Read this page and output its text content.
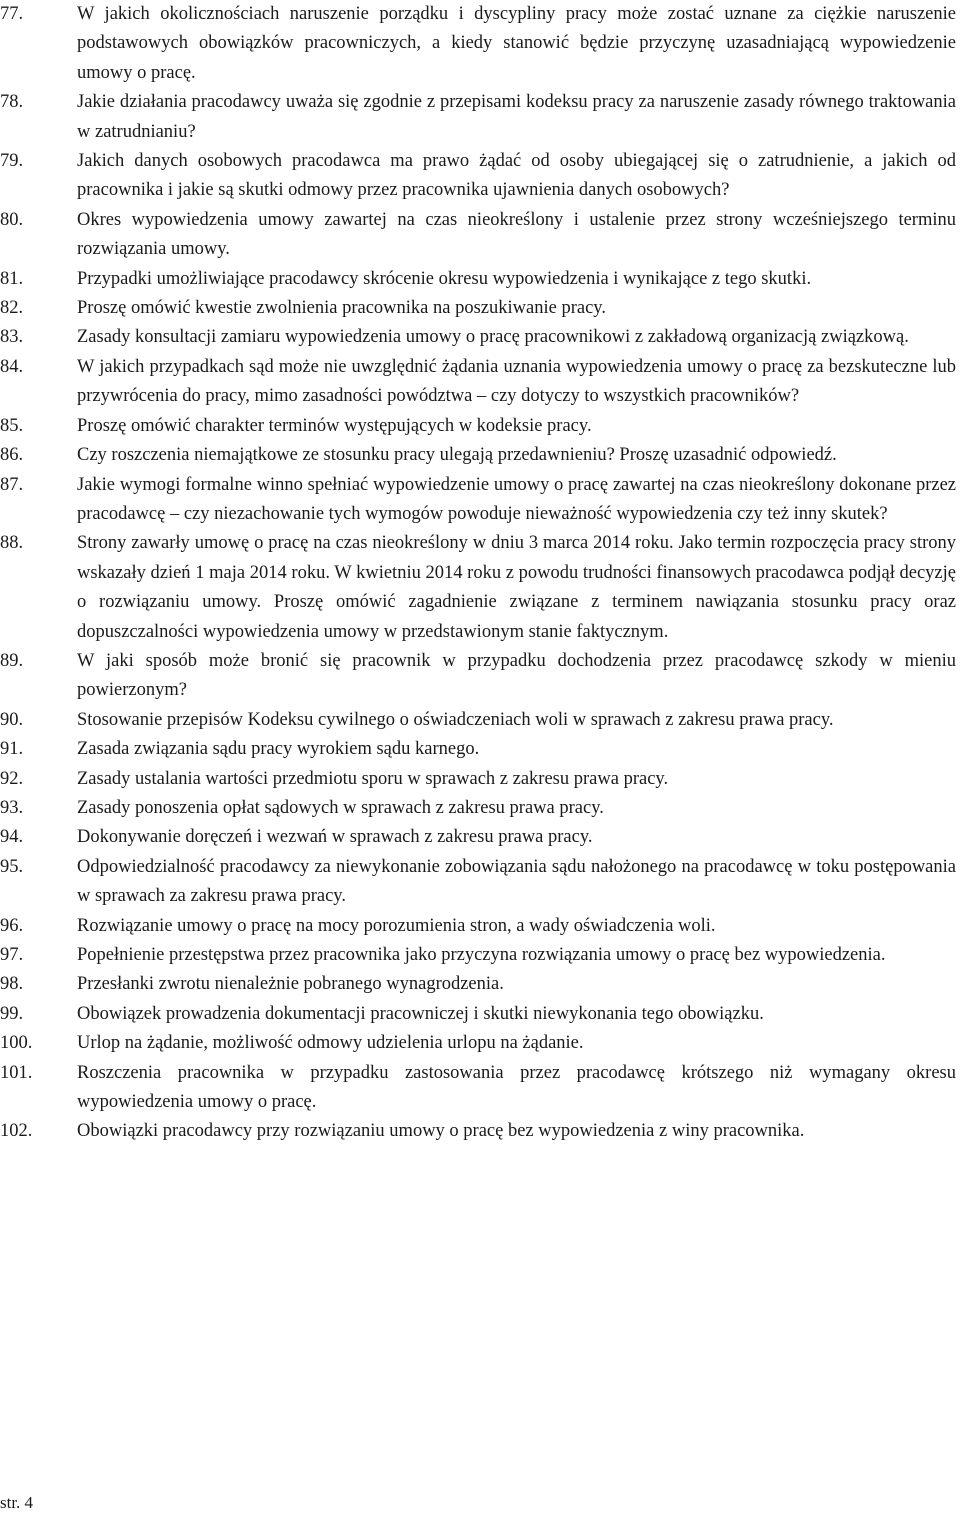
77.	W jakich okolicznościach naruszenie porządku i dyscypliny pracy może zostać uznane za ciężkie naruszenie podstawowych obowiązków pracowniczych, a kiedy stanowić będzie przyczynę uzasadniającą wypowiedzenie umowy o pracę.
78.	Jakie działania pracodawcy uważa się zgodnie z przepisami kodeksu pracy za naruszenie zasady równego traktowania w zatrudnianiu?
79.	Jakich danych osobowych pracodawca ma prawo żądać od osoby ubiegającej się o zatrudnienie, a jakich od pracownika i jakie są skutki odmowy przez pracownika ujawnienia danych osobowych?
80.	Okres wypowiedzenia umowy zawartej na czas nieokreślony i ustalenie przez strony wcześniejszego terminu rozwiązania umowy.
81.	Przypadki umożliwiające pracodawcy skrócenie okresu wypowiedzenia i wynikające z tego skutki.
82.	Proszę omówić kwestie zwolnienia pracownika na poszukiwanie pracy.
83.	Zasady konsultacji zamiaru wypowiedzenia umowy o pracę pracownikowi z zakładową organizacją związkową.
84.	W jakich przypadkach sąd może nie uwzględnić żądania uznania wypowiedzenia umowy o pracę za bezskuteczne lub przywrócenia do pracy, mimo zasadności powództwa – czy dotyczy to wszystkich pracowników?
85.	Proszę omówić charakter terminów występujących w kodeksie pracy.
86.	Czy roszczenia niemajątkowe ze stosunku pracy ulegają przedawnieniu? Proszę uzasadnić odpowiedź.
87.	Jakie wymogi formalne winno spełniać wypowiedzenie umowy o pracę zawartej na czas nieokreślony dokonane przez pracodawcę – czy niezachowanie tych wymogów powoduje nieważność wypowiedzenia czy też inny skutek?
88.	Strony zawarły umowę o pracę na czas nieokreślony w dniu 3 marca 2014 roku. Jako termin rozpoczęcia pracy strony wskazały dzień 1 maja 2014 roku. W kwietniu 2014 roku z powodu trudności finansowych pracodawca podjął decyzję o rozwiązaniu umowy. Proszę omówić zagadnienie związane z terminem nawiązania stosunku pracy oraz dopuszczalności wypowiedzenia umowy w przedstawionym stanie faktycznym.
89.	W jaki sposób może bronić się pracownik w przypadku dochodzenia przez pracodawcę szkody w mieniu powierzonym?
90.	Stosowanie przepisów Kodeksu cywilnego o oświadczeniach woli w sprawach z zakresu prawa pracy.
91.	Zasada związania sądu pracy wyrokiem sądu karnego.
92.	Zasady ustalania wartości przedmiotu sporu w sprawach z zakresu prawa pracy.
93.	Zasady ponoszenia opłat sądowych w sprawach z zakresu prawa pracy.
94.	Dokonywanie doręczeń i wezwań w sprawach z zakresu prawa pracy.
95.	Odpowiedzialność pracodawcy za niewykonanie zobowiązania sądu nałożonego na pracodawcę w toku postępowania w sprawach za zakresu prawa pracy.
96.	Rozwiązanie umowy o pracę na mocy porozumienia stron, a wady oświadczenia woli.
97.	Popełnienie przestępstwa przez pracownika jako przyczyna rozwiązania umowy o pracę bez wypowiedzenia.
98.	Przesłanki zwrotu nienależnie pobranego wynagrodzenia.
99.	Obowiązek prowadzenia dokumentacji pracowniczej i skutki niewykonania tego obowiązku.
100.	Urlop na żądanie, możliwość odmowy udzielenia urlopu na żądanie.
101.	Roszczenia pracownika w przypadku zastosowania przez pracodawcę krótszego niż wymagany okresu wypowiedzenia umowy o pracę.
102.	Obowiązki pracodawcy przy rozwiązaniu umowy o pracę bez wypowiedzenia z winy pracownika.
str. 4
